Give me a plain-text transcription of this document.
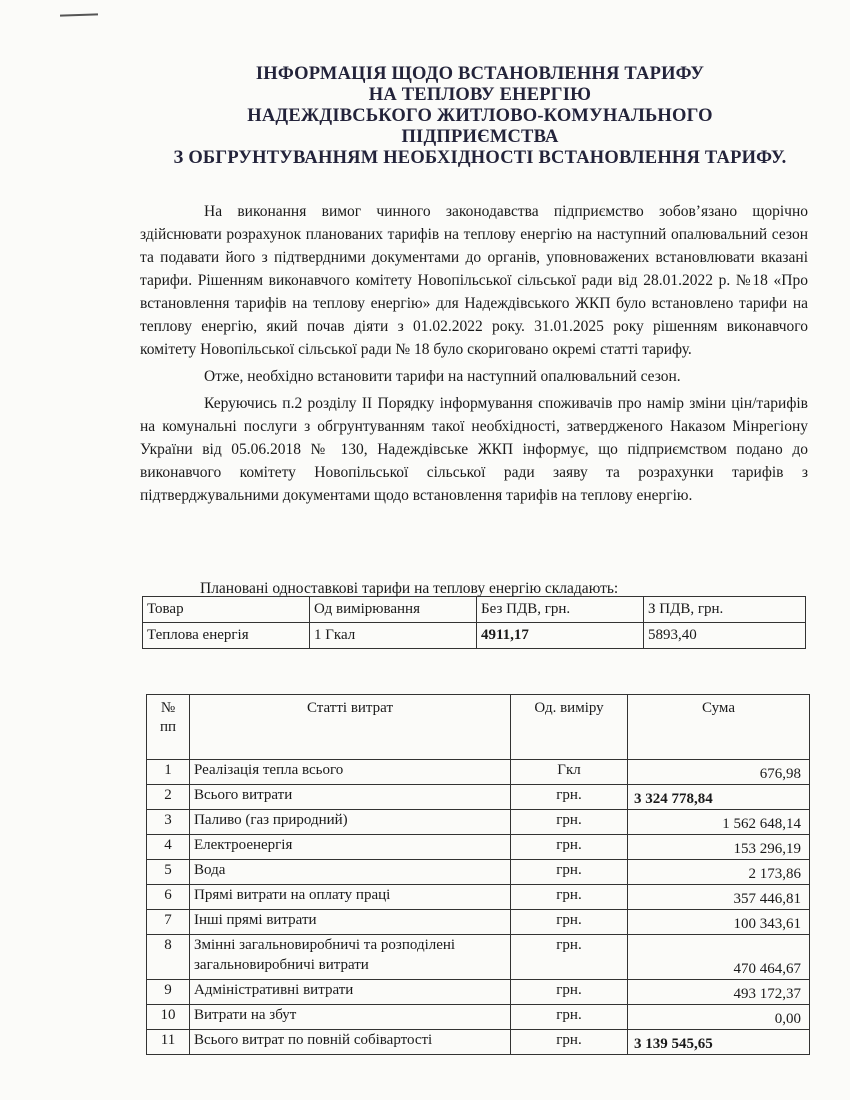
ІНФОРМАЦІЯ ЩОДО ВСТАНОВЛЕННЯ ТАРИФУ
НА ТЕПЛОВУ ЕНЕРГІЮ
НАДЕЖДІВСЬКОГО ЖИТЛОВО-КОМУНАЛЬНОГО
ПІДПРИЄМСТВА
З ОБГРУНТУВАННЯМ НЕОБХІДНОСТІ ВСТАНОВЛЕННЯ ТАРИФУ.

На виконання вимог чинного законодавства підприємство зобов’язано щорічно здійснювати розрахунок планованих тарифів на теплову енергію на наступний опалювальний сезон та подавати його з підтвердними документами до органів, уповноважених встановлювати вказані тарифи. Рішенням виконавчого комітету Новопільської сільської ради від 28.01.2022 р. №18 «Про встановлення тарифів на теплову енергію» для Надеждівського ЖКП було встановлено тарифи на теплову енергію, який почав діяти з 01.02.2022 року. 31.01.2025 року рішенням виконавчого комітету Новопільської сільської ради № 18 було скориговано окремі статті тарифу.

Отже, необхідно встановити тарифи на наступний опалювальний сезон.

Керуючись п.2 розділу ІІ Порядку інформування споживачів про намір зміни цін/тарифів на комунальні послуги з обгрунтуванням такої необхідності, затвердженого Наказом Мінрегіону України від 05.06.2018 № 130, Надеждівське ЖКП інформує, що підприємством подано до виконавчого комітету Новопільської сільської ради заяву та розрахунки тарифів з підтверджувальними документами щодо встановлення тарифів на теплову енергію.

Плановані одноставкові тарифи на теплову енергію складають:
Товар	Од вимірювання	Без ПДВ, грн.	З ПДВ, грн.
Теплова енергія	1 Гкал	4911,17	5893,40
№ пп	Статті витрат	Од. виміру	Сума
1	Реалізація тепла всього	Гкл	676,98
2	Всього витрати	грн.	3 324 778,84
3	Паливо (газ природний)	грн.	1 562 648,14
4	Електроенергія	грн.	153 296,19
5	Вода	грн.	2 173,86
6	Прямі витрати на оплату праці	грн.	357 446,81
7	Інші прямі витрати	грн.	100 343,61
8	Змінні загальновиробничі та розподілені загальновиробничі витрати	грн.	470 464,67
9	Адміністративні витрати	грн.	493 172,37
10	Витрати на збут	грн.	0,00
11	Всього витрат по повній собівартості	грн.	3 139 545,65
